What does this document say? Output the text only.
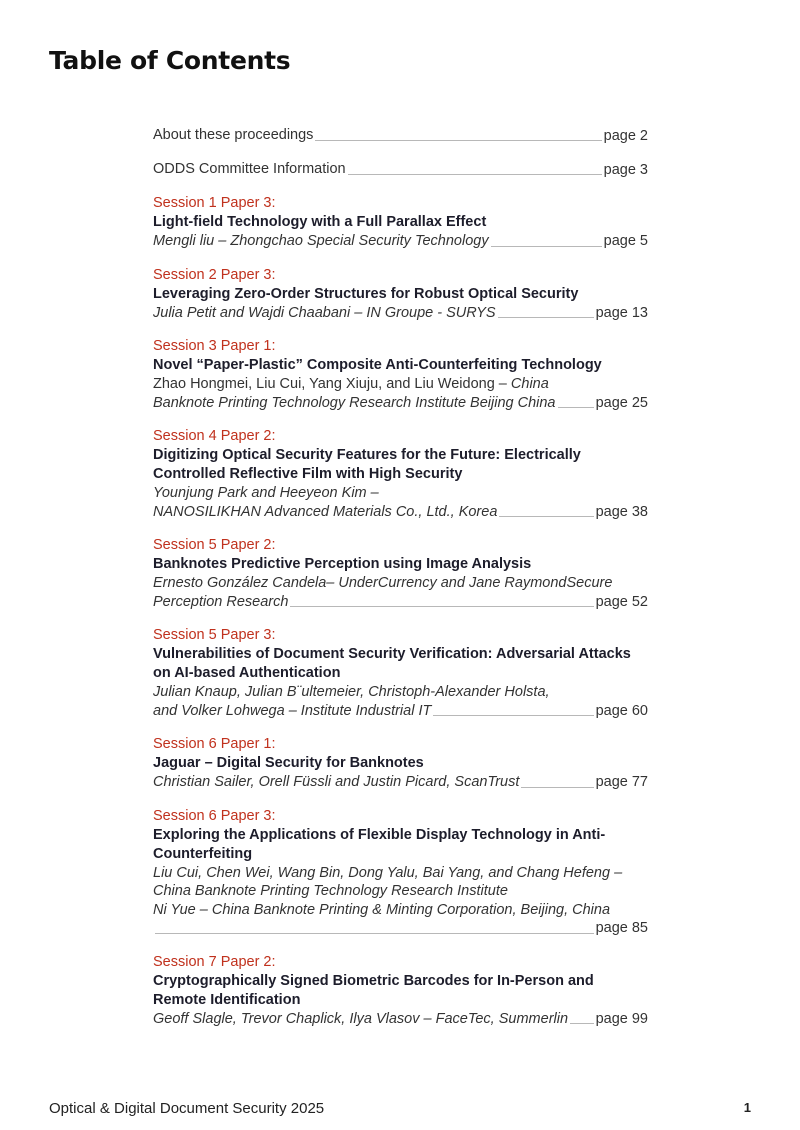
Table of Contents
About these proceedings	page 2
ODDS Committee Information	page 3
Session 1 Paper 3:
Light-field Technology with a Full Parallax Effect
Mengli liu – Zhongchao Special Security Technology	page 5
Session 2 Paper 3:
Leveraging Zero-Order Structures for Robust Optical Security
Julia Petit and Wajdi Chaabani – IN Groupe - SURYS	page 13
Session 3 Paper 1:
Novel “Paper-Plastic” Composite Anti-Counterfeiting Technology
Zhao Hongmei, Liu Cui, Yang Xiuju, and Liu Weidong – China
Banknote Printing Technology Research Institute Beijing China	page 25
Session 4 Paper 2:
Digitizing Optical Security Features for the Future: Electrically
Controlled Reflective Film with High Security
Younjung Park and Heeyeon Kim –
NANOSILIKHAN Advanced Materials Co., Ltd., Korea	page 38
Session 5 Paper 2:
Banknotes Predictive Perception using Image Analysis
Ernesto González Candela– UnderCurrency and Jane RaymondSecure
Perception Research	page 52
Session 5 Paper 3:
Vulnerabilities of Document Security Verification: Adversarial Attacks
on AI-based Authentication
Julian Knaup, Julian B¨ultemeier, Christoph-Alexander Holsta,
and Volker Lohwega – Institute Industrial IT	page 60
Session 6 Paper 1:
Jaguar – Digital Security for Banknotes
Christian Sailer, Orell Füssli and Justin Picard, ScanTrust	page 77
Session 6 Paper 3:
Exploring the Applications of Flexible Display Technology in Anti-
Counterfeiting
Liu Cui, Chen Wei, Wang Bin, Dong Yalu, Bai Yang, and Chang Hefeng –
China Banknote Printing Technology Research Institute
Ni Yue – China Banknote Printing & Minting Corporation, Beijing, China
page 85
Session 7 Paper 2:
Cryptographically Signed Biometric Barcodes for In-Person and
Remote Identification
Geoff Slagle, Trevor Chaplick, Ilya Vlasov – FaceTec, Summerlin page 99
Optical & Digital Document Security 2025	1
